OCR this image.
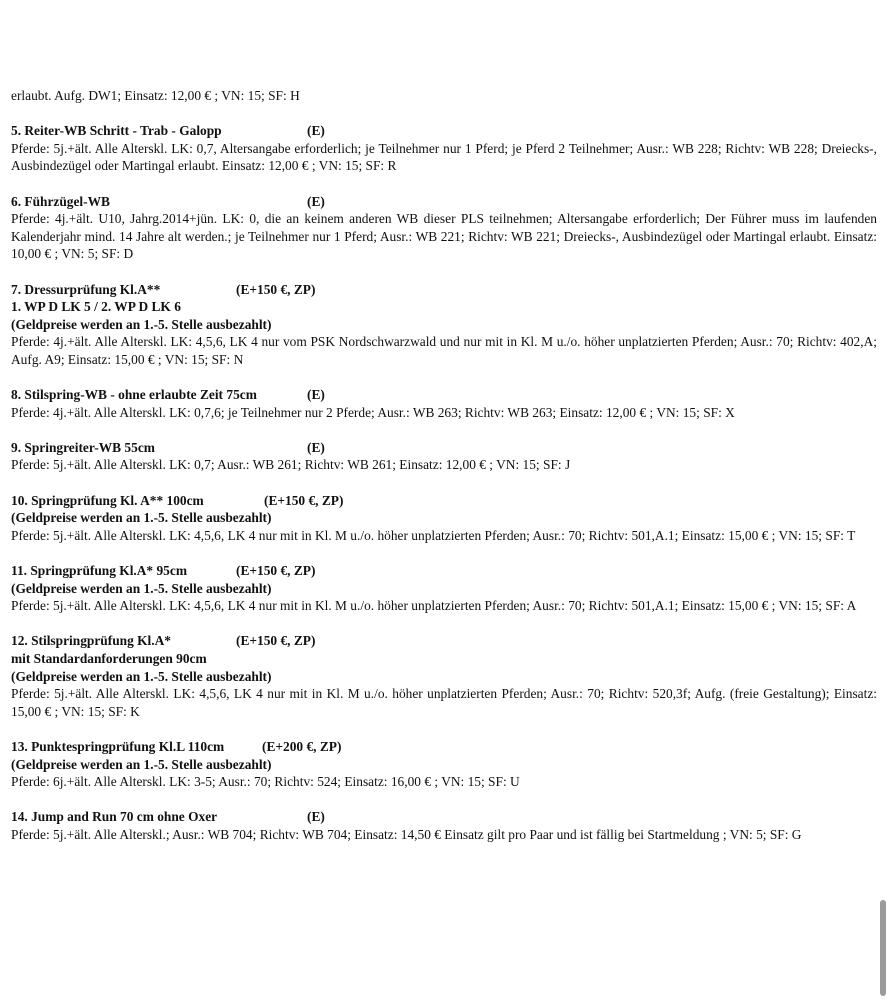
erlaubt. Aufg. DW1; Einsatz: 12,00 € ; VN: 15; SF: H

5. Reiter-WB Schritt - Trab - Galopp	(E)

Pferde: 5j.+ält. Alle Alterskl. LK: 0,7, Altersangabe erforderlich; je Teilnehmer nur 1 Pferd; je Pferd 2 Teilnehmer; Ausr.: WB 228; Richtv: WB 228; Dreiecks-, Ausbindezügel oder Martingal erlaubt. Einsatz: 12,00 € ; VN: 15; SF: R

6. Führzügel-WB	(E)

Pferde: 4j.+ält. U10, Jahrg.2014+jün. LK: 0, die an keinem anderen WB dieser PLS teilnehmen; Altersangabe erforderlich; Der Führer muss im laufenden Kalenderjahr mind. 14 Jahre alt werden.; je Teilnehmer nur 1 Pferd; Ausr.: WB 221; Richtv: WB 221; Dreiecks-, Ausbindezügel oder Martingal erlaubt. Einsatz: 10,00 € ; VN: 5; SF: D

7. Dressurprüfung Kl.A**	(E+150 €, ZP)
1. WP D LK 5 / 2. WP D LK 6
(Geldpreise werden an 1.-5. Stelle ausbezahlt)

Pferde: 4j.+ält. Alle Alterskl. LK: 4,5,6, LK 4 nur vom PSK Nordschwarzwald und nur mit in Kl. M u./o. höher unplatzierten Pferden; Ausr.: 70; Richtv: 402,A; Aufg. A9; Einsatz: 15,00 € ; VN: 15; SF: N

8. Stilspring-WB - ohne erlaubte Zeit 75cm	(E)

Pferde: 4j.+ält. Alle Alterskl. LK: 0,7,6; je Teilnehmer nur 2 Pferde; Ausr.: WB 263; Richtv: WB 263; Einsatz: 12,00 € ; VN: 15; SF: X

9. Springreiter-WB 55cm	(E)

Pferde: 5j.+ält. Alle Alterskl. LK: 0,7; Ausr.: WB 261; Richtv: WB 261; Einsatz: 12,00 € ; VN: 15; SF: J

10. Springprüfung Kl. A** 100cm	(E+150 €, ZP)
(Geldpreise werden an 1.-5. Stelle ausbezahlt)

Pferde: 5j.+ält. Alle Alterskl. LK: 4,5,6, LK 4 nur mit in Kl. M u./o. höher unplatzierten Pferden; Ausr.: 70; Richtv: 501,A.1; Einsatz: 15,00 € ; VN: 15; SF: T

11. Springprüfung Kl.A* 95cm	(E+150 €, ZP)
(Geldpreise werden an 1.-5. Stelle ausbezahlt)

Pferde: 5j.+ält. Alle Alterskl. LK: 4,5,6, LK 4 nur mit in Kl. M u./o. höher unplatzierten Pferden; Ausr.: 70; Richtv: 501,A.1; Einsatz: 15,00 € ; VN: 15; SF: A

12. Stilspringprüfung Kl.A*	(E+150 €, ZP)
mit Standardanforderungen 90cm
(Geldpreise werden an 1.-5. Stelle ausbezahlt)

Pferde: 5j.+ält. Alle Alterskl. LK: 4,5,6, LK 4 nur mit in Kl. M u./o. höher unplatzierten Pferden; Ausr.: 70; Richtv: 520,3f; Aufg. (freie Gestaltung); Einsatz: 15,00 € ; VN: 15; SF: K

13. Punktespringprüfung Kl.L 110cm	(E+200 €, ZP)
(Geldpreise werden an 1.-5. Stelle ausbezahlt)

Pferde: 6j.+ält. Alle Alterskl. LK: 3-5; Ausr.: 70; Richtv: 524; Einsatz: 16,00 € ; VN: 15; SF: U

14. Jump and Run 70 cm ohne Oxer	(E)

Pferde: 5j.+ält. Alle Alterskl.; Ausr.: WB 704; Richtv: WB 704; Einsatz: 14,50 € Einsatz gilt pro Paar und ist fällig bei Startmeldung ; VN: 5; SF: G
